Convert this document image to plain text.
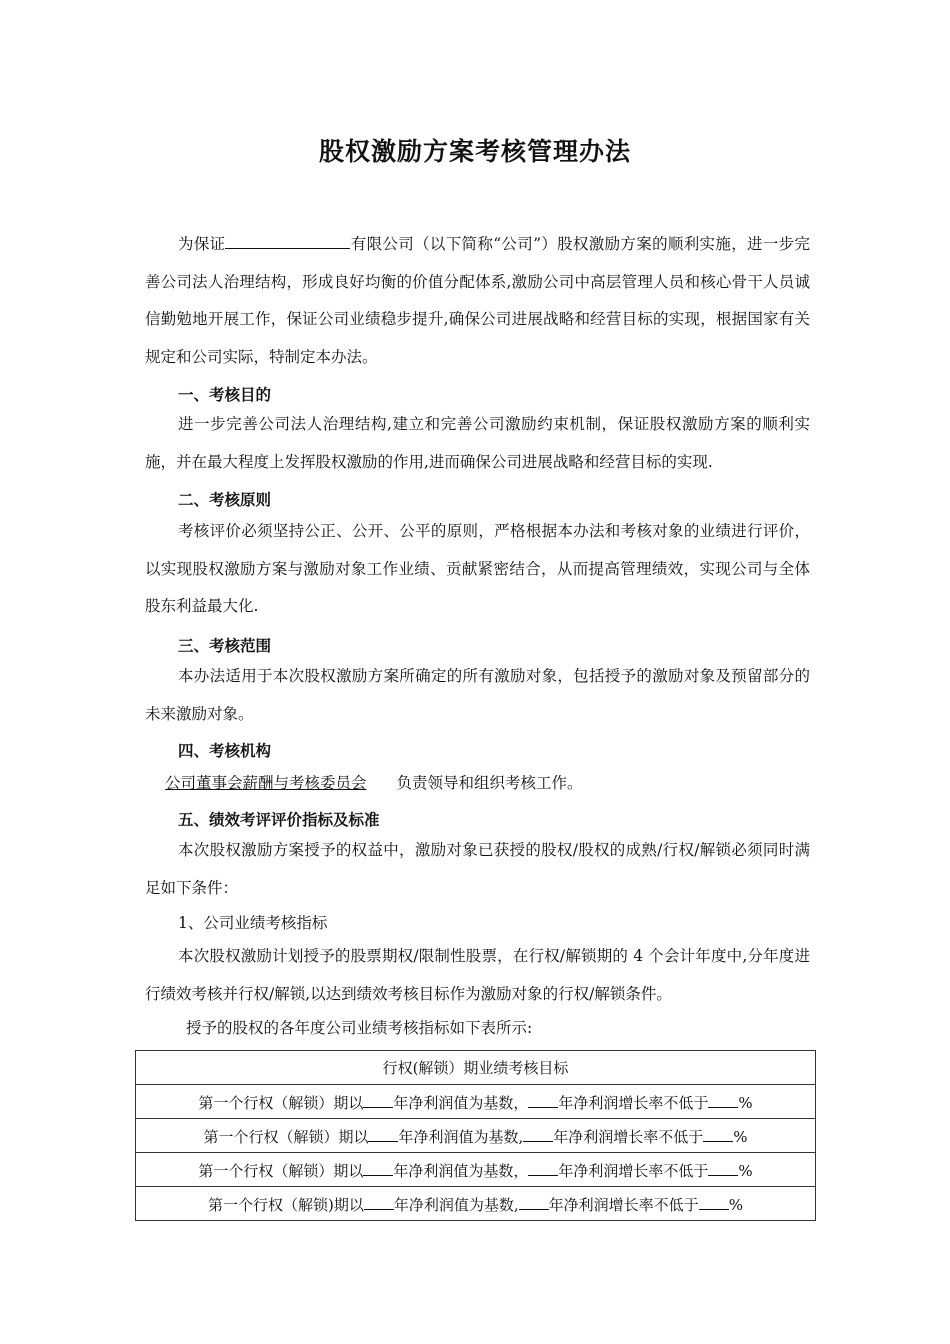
股权激励方案考核管理办法

为保证	有限公司（以下简称“公司”）股权激励方案的顺利实施，进一步完善公司法人治理结构，形成良好均衡的价值分配体系,激励公司中高层管理人员和核心骨干人员诚信勤勉地开展工作，保证公司业绩稳步提升,确保公司进展战略和经营目标的实现，根据国家有关规定和公司实际，特制定本办法。

一、考核目的

进一步完善公司法人治理结构,建立和完善公司激励约束机制，保证股权激励方案的顺利实施，并在最大程度上发挥股权激励的作用,进而确保公司进展战略和经营目标的实现.

二、考核原则

考核评价必须坚持公正、公开、公平的原则，严格根据本办法和考核对象的业绩进行评价，以实现股权激励方案与激励对象工作业绩、贡献紧密结合，从而提高管理绩效，实现公司与全体股东利益最大化.

三、考核范围

本办法适用于本次股权激励方案所确定的所有激励对象，包括授予的激励对象及预留部分的未来激励对象。

四、考核机构

公司董事会薪酬与考核委员会 负责领导和组织考核工作。

五、绩效考评评价指标及标准

本次股权激励方案授予的权益中，激励对象已获授的股权/股权的成熟/行权/解锁必须同时满足如下条件：

1、公司业绩考核指标

本次股权激励计划授予的股票期权/限制性股票，在行权/解锁期的 4 个会计年度中,分年度进行绩效考核并行权/解锁,以达到绩效考核目标作为激励对象的行权/解锁条件。

授予的股权的各年度公司业绩考核指标如下表所示:

行权(解锁）期业绩考核目标
第一个行权（解锁）期以 年净利润值为基数， 年净利润增长率不低于 %
第一个行权（解锁）期以 年净利润值为基数, 年净利润增长率不低于 %
第一个行权（解锁）期以 年净利润值为基数， 年净利润增长率不低于 %
第一个行权（解锁)期以 年净利润值为基数, 年净利润增长率不低于 %
